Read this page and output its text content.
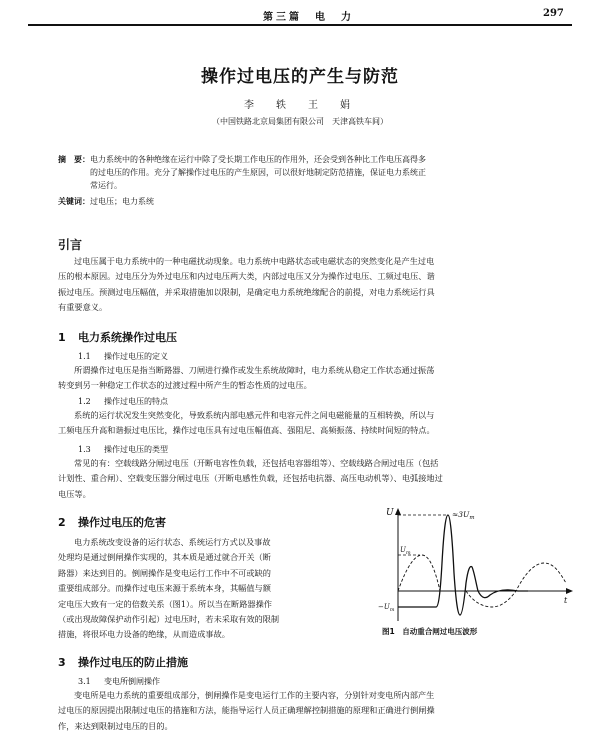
第三篇　电　力	297
操作过电压的产生与防范
李　轶　王　娟
（中国铁路北京局集团有限公司　天津高铁车间）
摘　要：电力系统中的各种绝缘在运行中除了受长期工作电压的作用外，还会受到各种比工作电压高得多
的过电压的作用。充分了解操作过电压的产生原因，可以很好地制定防范措施，保证电力系统正
常运行。
关键词：过电压；电力系统
引言
过电压属于电力系统中的一种电磁扰动现象。电力系统中电路状态或电磁状态的突然变化是产生过电
压的根本原因。过电压分为外过电压和内过电压两大类，内部过电压又分为操作过电压、工频过电压、谐
振过电压。预测过电压幅值，并采取措施加以限制，是确定电力系统绝缘配合的前提，对电力系统运行具
有重要意义。
1 电力系统操作过电压
1.1 操作过电压的定义
所谓操作过电压是指当断路器、刀闸进行操作或发生系统故障时，电力系统从稳定工作状态通过振荡
转变到另一种稳定工作状态的过渡过程中所产生的暂态性质的过电压。
1.2 操作过电压的特点
系统的运行状况发生突然变化，导致系统内部电感元件和电容元件之间电磁能量的互相转换，所以与
工频电压升高和谐振过电压比，操作过电压具有过电压幅值高、强阻尼、高频振荡、持续时间短的特点。
1.3 操作过电压的类型
常见的有：空载线路分闸过电压（开断电容性负载，还包括电容器组等）、空载线路合闸过电压（包括
计划性、重合闸）、空载变压器分闸过电压（开断电感性负载，还包括电抗器、高压电动机等）、电弧接地过
电压等。
2 操作过电压的危害
电力系统改变设备的运行状态、系统运行方式以及事故
处理均是通过倒闸操作实现的，其本质是通过就合开关（断
路器）来达到目的。倒闸操作是变电运行工作中不可或缺的
重要组成部分。而操作过电压来源于系统本身，其幅值与额
定电压大致有一定的倍数关系（图1）。所以当在断路器操作
（或出现故障保护动作引起）过电压时，若未采取有效的限制
措施，将很坏电力设备的绝缘，从而造成事故。
U	$\approx 3U_m$
$U_m$
$-U_m$
t
图1　自动重合闸过电压波形
3 操作过电压的防止措施
3.1 变电所倒闸操作
变电所是电力系统的重要组成部分，倒闸操作是变电运行工作的主要内容，分别针对变电所内部产生
过电压的原因提出限制过电压的措施和方法，能指导运行人员正确理解控制措施的原理和正确进行倒闸操
作，来达到限制过电压的目的。
